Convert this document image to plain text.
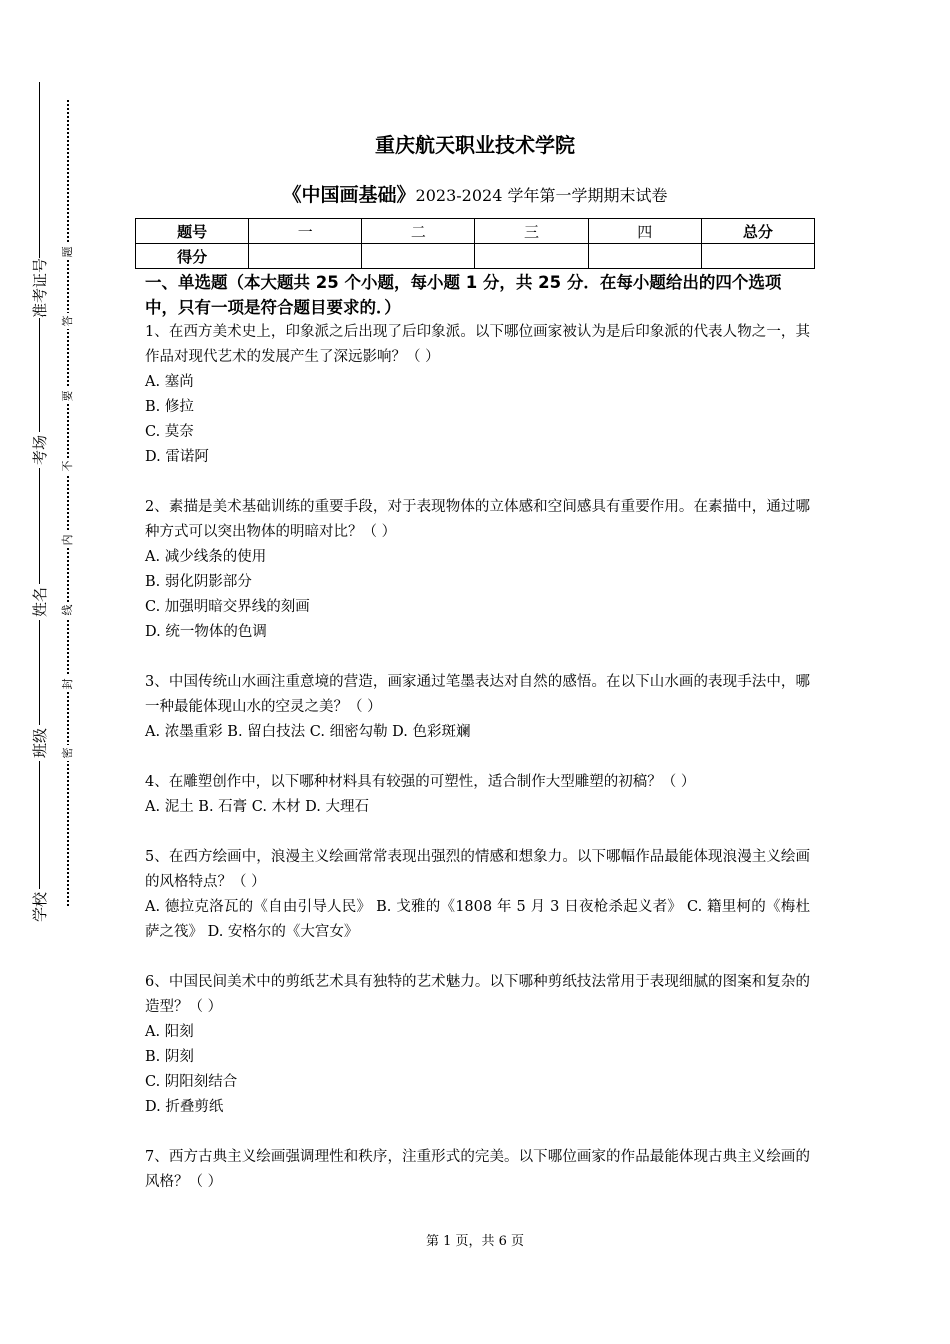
准考证号
考场
姓名
班级
学校
题
答
要
不
内
线
封
密
重庆航天职业技术学院
《中国画基础》2023-2024 学年第一学期期末试卷
题号	一	二	三	四	总分
得分					
一、单选题（本大题共 25 个小题，每小题 1 分，共 25 分．在每小题给出的四个选项中，只有一项是符合题目要求的．）
1、在西方美术史上，印象派之后出现了后印象派。以下哪位画家被认为是后印象派的代表人物之一，其作品对现代艺术的发展产生了深远影响？（ ）
A. 塞尚
B. 修拉
C. 莫奈
D. 雷诺阿
2、素描是美术基础训练的重要手段，对于表现物体的立体感和空间感具有重要作用。在素描中，通过哪种方式可以突出物体的明暗对比？（ ）
A. 减少线条的使用
B. 弱化阴影部分
C. 加强明暗交界线的刻画
D. 统一物体的色调
3、中国传统山水画注重意境的营造，画家通过笔墨表达对自然的感悟。在以下山水画的表现手法中，哪一种最能体现山水的空灵之美？（ ）
A. 浓墨重彩 B. 留白技法 C. 细密勾勒 D. 色彩斑斓
4、在雕塑创作中，以下哪种材料具有较强的可塑性，适合制作大型雕塑的初稿？（ ）
A. 泥土 B. 石膏 C. 木材 D. 大理石
5、在西方绘画中，浪漫主义绘画常常表现出强烈的情感和想象力。以下哪幅作品最能体现浪漫主义绘画的风格特点？（ ）
A. 德拉克洛瓦的《自由引导人民》 B. 戈雅的《1808 年 5 月 3 日夜枪杀起义者》 C. 籍里柯的《梅杜萨之筏》 D. 安格尔的《大宫女》
6、中国民间美术中的剪纸艺术具有独特的艺术魅力。以下哪种剪纸技法常用于表现细腻的图案和复杂的造型？（ ）
A. 阳刻
B. 阴刻
C. 阴阳刻结合
D. 折叠剪纸
7、西方古典主义绘画强调理性和秩序，注重形式的完美。以下哪位画家的作品最能体现古典主义绘画的风格？（ ）
第 1 页，共 6 页
